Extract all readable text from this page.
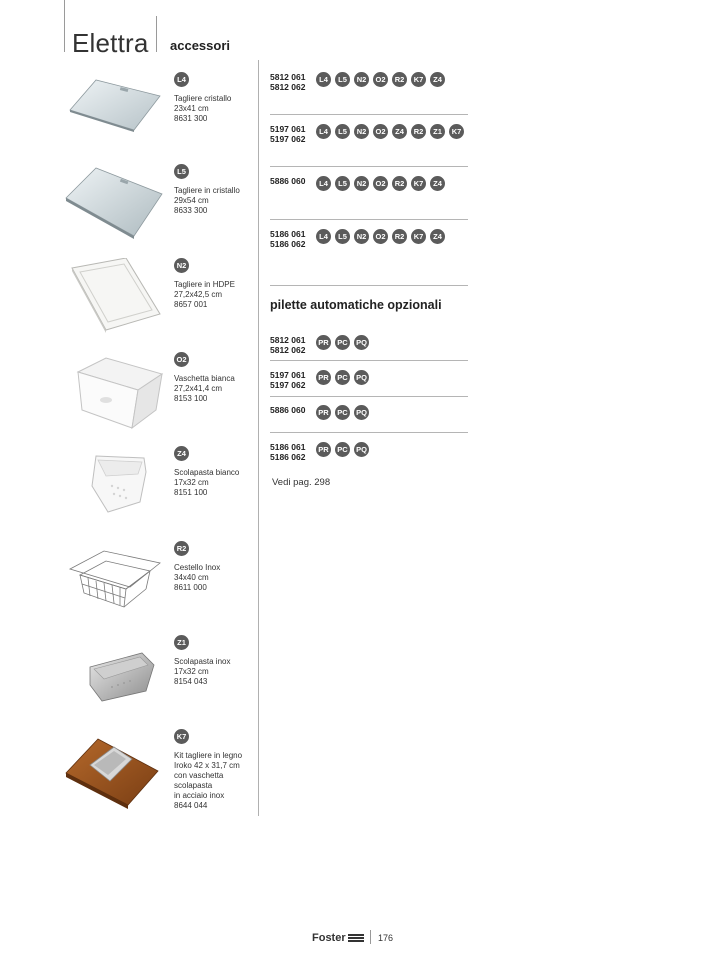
Elettra accessori
L4
Tagliere cristallo
23x41 cm
8631 300
L5
Tagliere in cristallo
29x54 cm
8633 300
N2
Tagliere in HDPE
27,2x42,5 cm
8657 001
O2
Vaschetta bianca
27,2x41,4 cm
8153 100
Z4
Scolapasta bianco
17x32 cm
8151 100
R2
Cestello Inox
34x40 cm
8611 000
Z1
Scolapasta inox
17x32 cm
8154 043
K7
Kit tagliere in legno
Iroko 42 x 31,7 cm
con vaschetta
scolapasta
in acciaio inox
8644 044
5812 061
5812 062
L4	L5	N2	O2	R2	K7	Z4
5197 061
5197 062
L4	L5	N2	O2	Z4	R2	Z1	K7
5886 060	L4	L5	N2	O2	R2	K7	Z4
5186 061
5186 062
L4	L5	N2	O2	R2	K7	Z4
pilette automatiche opzionali
5812 061
5812 062
PR	PC	PQ
5197 061
5197 062
PR	PC	PQ
5886 060	PR	PC	PQ
5186 061
5186 062
PR	PC	PQ
Vedi pag. 298
Foster	176
